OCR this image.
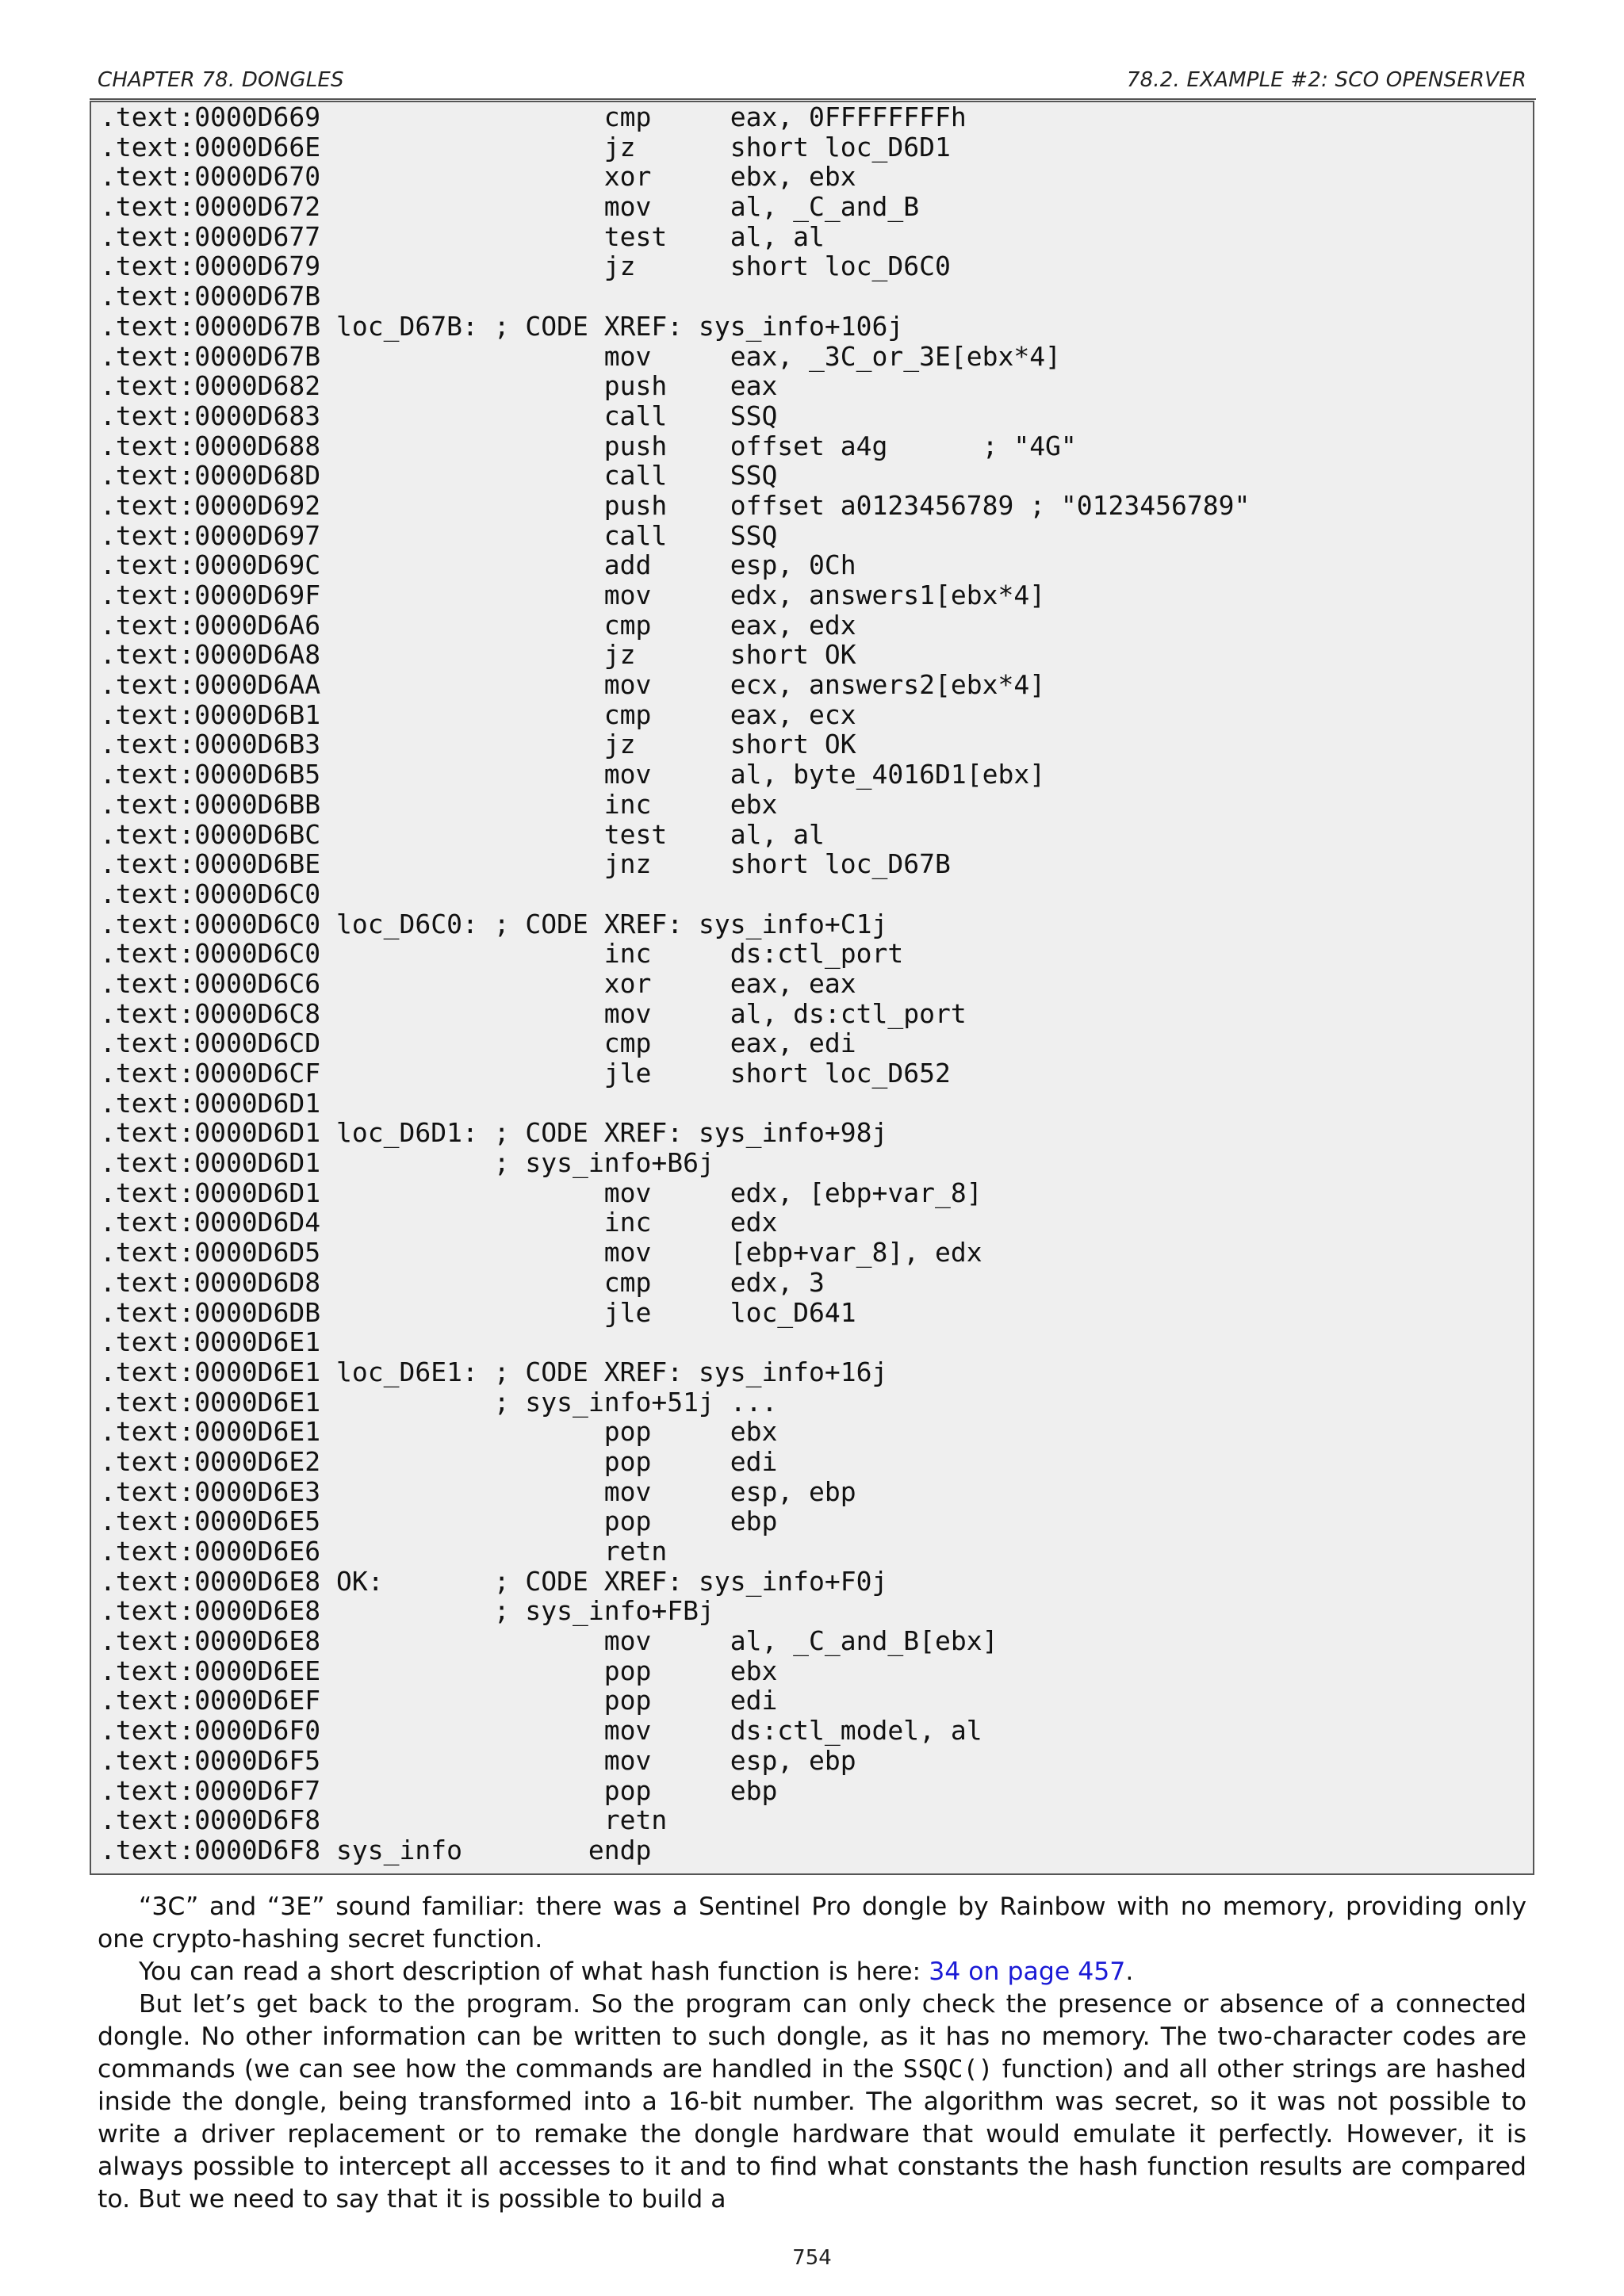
CHAPTER 78. DONGLES	78.2. EXAMPLE #2: SCO OPENSERVER
.text:0000D669                  cmp     eax, 0FFFFFFFFh
.text:0000D66E                  jz      short loc_D6D1
.text:0000D670                  xor     ebx, ebx
.text:0000D672                  mov     al, _C_and_B
.text:0000D677                  test    al, al
.text:0000D679                  jz      short loc_D6C0
.text:0000D67B
.text:0000D67B loc_D67B: ; CODE XREF: sys_info+106j
.text:0000D67B                  mov     eax, _3C_or_3E[ebx*4]
.text:0000D682                  push    eax
.text:0000D683                  call    SSQ
.text:0000D688                  push    offset a4g      ; "4G"
.text:0000D68D                  call    SSQ
.text:0000D692                  push    offset a0123456789 ; "0123456789"
.text:0000D697                  call    SSQ
.text:0000D69C                  add     esp, 0Ch
.text:0000D69F                  mov     edx, answers1[ebx*4]
.text:0000D6A6                  cmp     eax, edx
.text:0000D6A8                  jz      short OK
.text:0000D6AA                  mov     ecx, answers2[ebx*4]
.text:0000D6B1                  cmp     eax, ecx
.text:0000D6B3                  jz      short OK
.text:0000D6B5                  mov     al, byte_4016D1[ebx]
.text:0000D6BB                  inc     ebx
.text:0000D6BC                  test    al, al
.text:0000D6BE                  jnz     short loc_D67B
.text:0000D6C0
.text:0000D6C0 loc_D6C0: ; CODE XREF: sys_info+C1j
.text:0000D6C0                  inc     ds:ctl_port
.text:0000D6C6                  xor     eax, eax
.text:0000D6C8                  mov     al, ds:ctl_port
.text:0000D6CD                  cmp     eax, edi
.text:0000D6CF                  jle     short loc_D652
.text:0000D6D1
.text:0000D6D1 loc_D6D1: ; CODE XREF: sys_info+98j
.text:0000D6D1           ; sys_info+B6j
.text:0000D6D1                  mov     edx, [ebp+var_8]
.text:0000D6D4                  inc     edx
.text:0000D6D5                  mov     [ebp+var_8], edx
.text:0000D6D8                  cmp     edx, 3
.text:0000D6DB                  jle     loc_D641
.text:0000D6E1
.text:0000D6E1 loc_D6E1: ; CODE XREF: sys_info+16j
.text:0000D6E1           ; sys_info+51j ...
.text:0000D6E1                  pop     ebx
.text:0000D6E2                  pop     edi
.text:0000D6E3                  mov     esp, ebp
.text:0000D6E5                  pop     ebp
.text:0000D6E6                  retn
.text:0000D6E8 OK:       ; CODE XREF: sys_info+F0j
.text:0000D6E8           ; sys_info+FBj
.text:0000D6E8                  mov     al, _C_and_B[ebx]
.text:0000D6EE                  pop     ebx
.text:0000D6EF                  pop     edi
.text:0000D6F0                  mov     ds:ctl_model, al
.text:0000D6F5                  mov     esp, ebp
.text:0000D6F7                  pop     ebp
.text:0000D6F8                  retn
.text:0000D6F8 sys_info        endp

“3C” and “3E” sound familiar: there was a Sentinel Pro dongle by Rainbow with no memory, providing only one crypto-hashing secret function.

You can read a short description of what hash function is here: 34 on page 457.

But let’s get back to the program. So the program can only check the presence or absence of a connected dongle. No other information can be written to such dongle, as it has no memory. The two-character codes are commands (we can see how the commands are handled in the SSQC() function) and all other strings are hashed inside the dongle, being transformed into a 16-bit number. The algorithm was secret, so it was not possible to write a driver replacement or to remake the dongle hardware that would emulate it perfectly. However, it is always possible to intercept all accesses to it and to find what constants the hash function results are compared to. But we need to say that it is possible to build a

754
